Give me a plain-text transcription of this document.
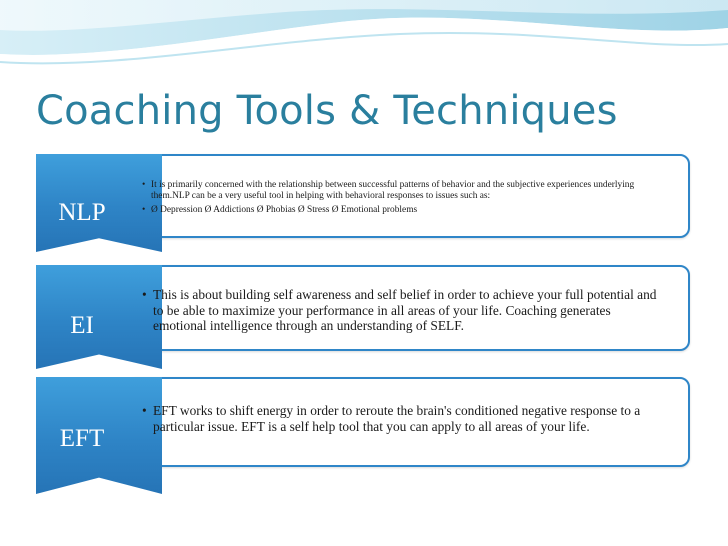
Coaching Tools & Techniques
NLP
• It is primarily concerned with the relationship between successful patterns of behavior and the subjective experiences underlying them.NLP can be a very useful tool in helping with behavioral responses to issues such as:
• Ø Depression Ø Addictions Ø Phobias Ø Stress Ø Emotional problems
EI
• This is about building self awareness and self belief in order to achieve your full potential and to be able to maximize your performance in all areas of your life. Coaching generates emotional intelligence through an understanding of SELF.
EFT
• EFT works to shift energy in order to reroute the brain's conditioned negative response to a particular issue. EFT is a self help tool that you can apply to all areas of your life.
